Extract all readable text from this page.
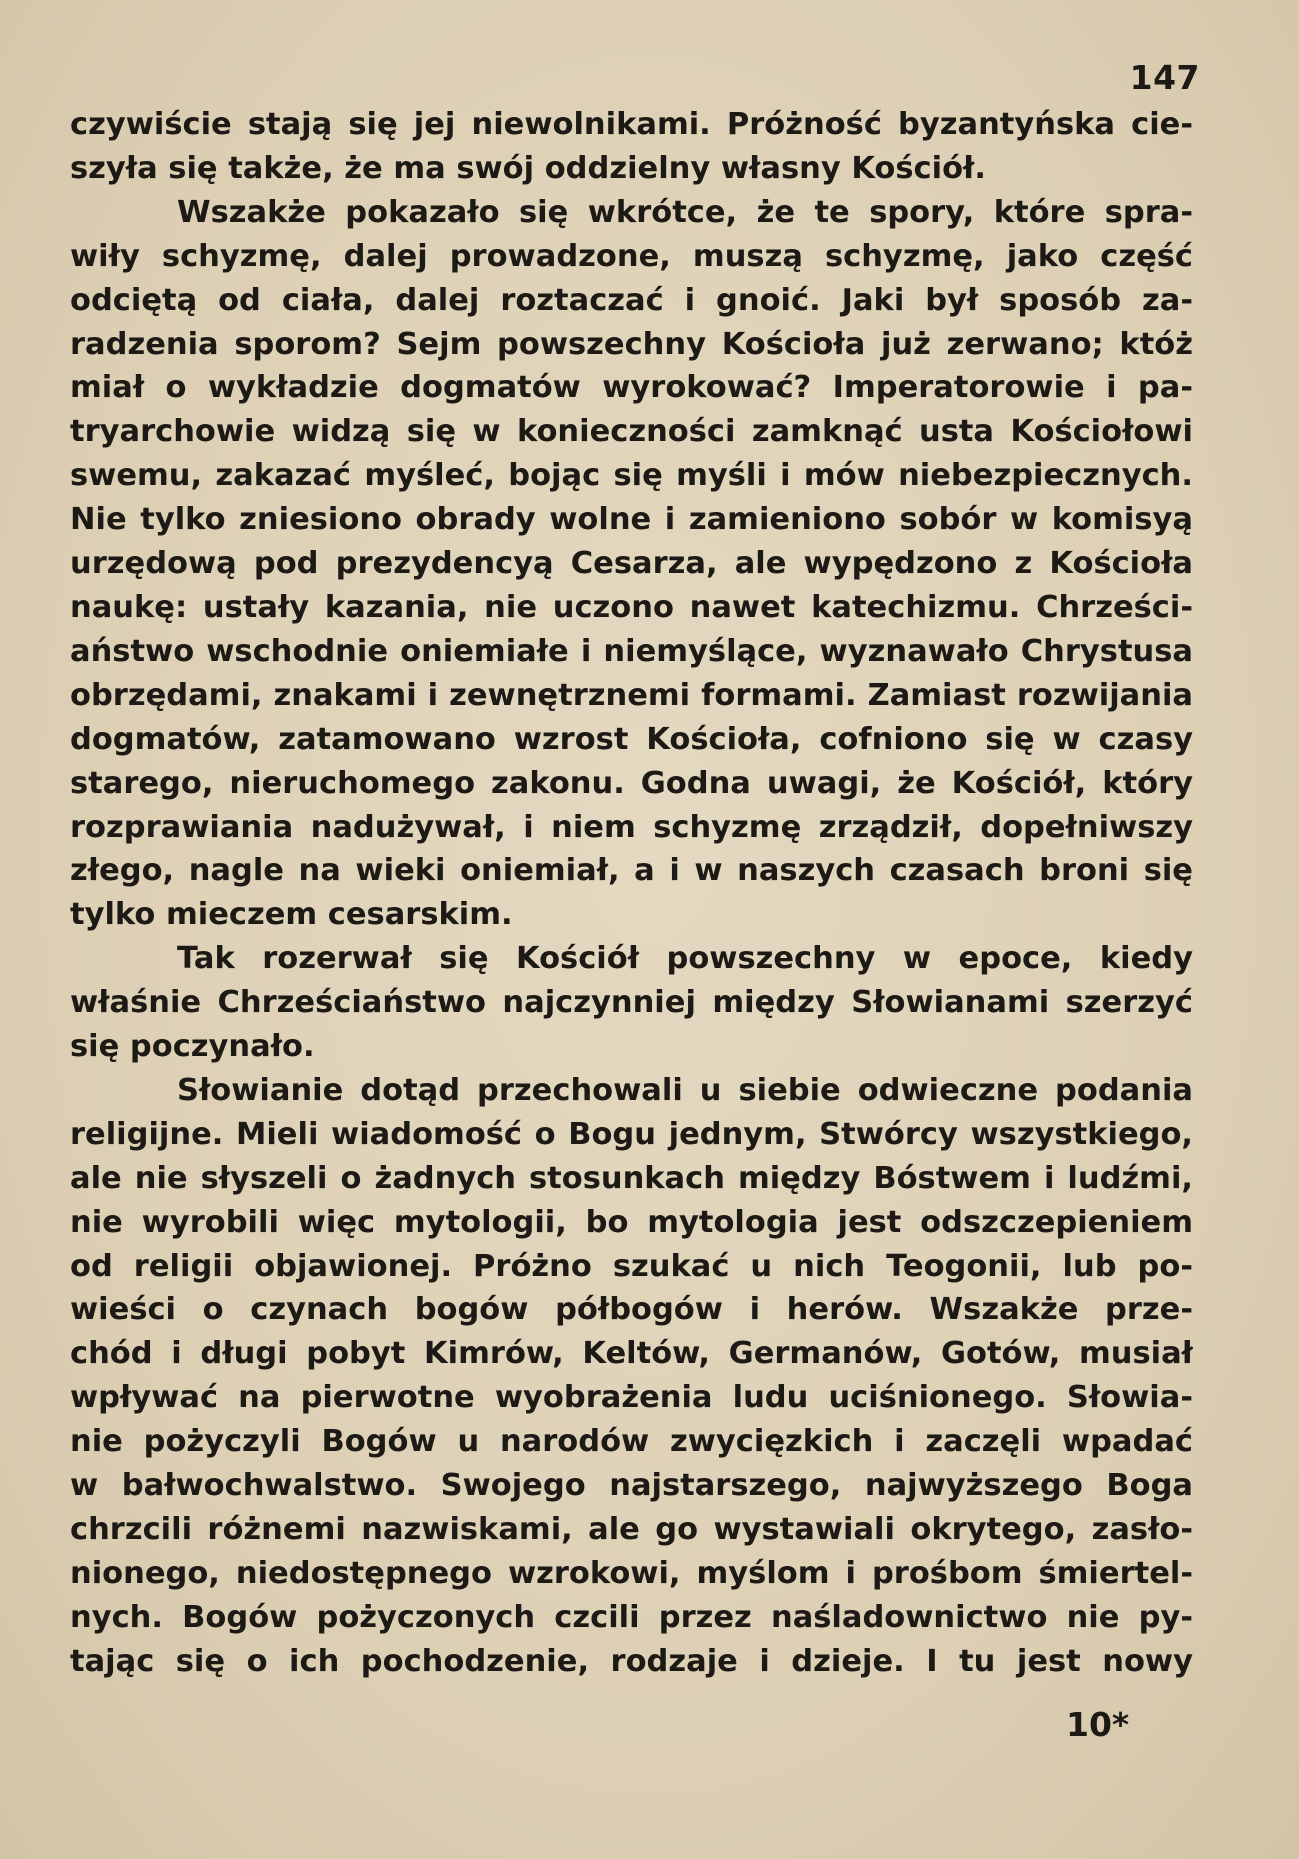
147
czywiście stają się jej niewolnikami. Próżność byzantyńska cie-
szyła się także, że ma swój oddzielny własny Kościół.
Wszakże pokazało się wkrótce, że te spory, które spra-
wiły schyzmę, dalej prowadzone, muszą schyzmę, jako część
odciętą od ciała, dalej roztaczać i gnoić. Jaki był sposób za-
radzenia sporom? Sejm powszechny Kościoła już zerwano; któż
miał o wykładzie dogmatów wyrokować? Imperatorowie i pa-
tryarchowie widzą się w konieczności zamknąć usta Kościołowi
swemu, zakazać myśleć, bojąc się myśli i mów niebezpiecznych.
Nie tylko zniesiono obrady wolne i zamieniono sobór w komisyą
urzędową pod prezydencyą Cesarza, ale wypędzono z Kościoła
naukę: ustały kazania, nie uczono nawet katechizmu. Chrześci-
aństwo wschodnie oniemiałe i niemyślące, wyznawało Chrystusa
obrzędami, znakami i zewnętrznemi formami. Zamiast rozwijania
dogmatów, zatamowano wzrost Kościoła, cofniono się w czasy
starego, nieruchomego zakonu. Godna uwagi, że Kościół, który
rozprawiania nadużywał, i niem schyzmę zrządził, dopełniwszy
złego, nagle na wieki oniemiał, a i w naszych czasach broni się
tylko mieczem cesarskim.
Tak rozerwał się Kościół powszechny w epoce, kiedy
właśnie Chrześciaństwo najczynniej między Słowianami szerzyć
się poczynało.
Słowianie dotąd przechowali u siebie odwieczne podania
religijne. Mieli wiadomość o Bogu jednym, Stwórcy wszystkiego,
ale nie słyszeli o żadnych stosunkach między Bóstwem i ludźmi,
nie wyrobili więc mytologii, bo mytologia jest odszczepieniem
od religii objawionej. Próżno szukać u nich Teogonii, lub po-
wieści o czynach bogów półbogów i herów. Wszakże prze-
chód i długi pobyt Kimrów, Keltów, Germanów, Gotów, musiał
wpływać na pierwotne wyobrażenia ludu uciśnionego. Słowia-
nie pożyczyli Bogów u narodów zwycięzkich i zaczęli wpadać
w bałwochwalstwo. Swojego najstarszego, najwyższego Boga
chrzcili różnemi nazwiskami, ale go wystawiali okrytego, zasło-
nionego, niedostępnego wzrokowi, myślom i prośbom śmiertel-
nych. Bogów pożyczonych czcili przez naśladownictwo nie py-
tając się o ich pochodzenie, rodzaje i dzieje. I tu jest nowy
10*
